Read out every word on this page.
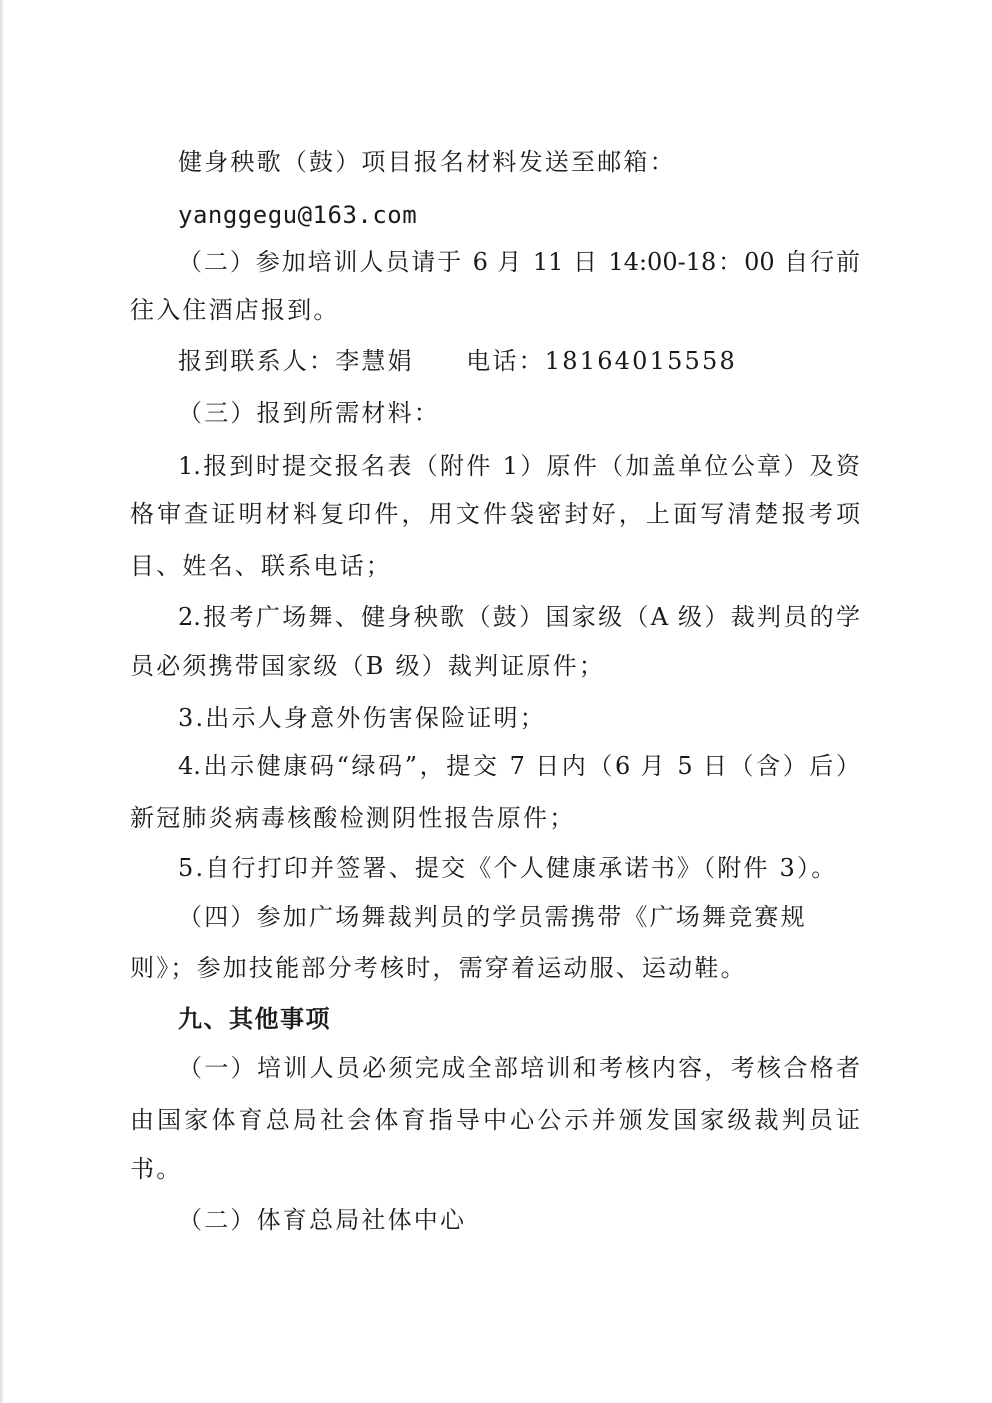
健身秧歌（鼓）项目报名材料发送至邮箱：
yanggegu@163.com
（二）参加培训人员请于 6 月 11 日 14:00-18：00 自行前
往入住酒店报到。
报到联系人：李慧娟　　电话：18164015558
（三）报到所需材料：
1.报到时提交报名表（附件 1）原件（加盖单位公章）及资
格审查证明材料复印件，用文件袋密封好，上面写清楚报考项
目、姓名、联系电话；
2.报考广场舞、健身秧歌（鼓）国家级（A 级）裁判员的学
员必须携带国家级（B 级）裁判证原件；
3.出示人身意外伤害保险证明；
4.出示健康码“绿码”，提交 7 日内（6 月 5 日（含）后）
新冠肺炎病毒核酸检测阴性报告原件；
5.自行打印并签署、提交《个人健康承诺书》（附件 3）。
（四）参加广场舞裁判员的学员需携带《广场舞竞赛规
则》；参加技能部分考核时，需穿着运动服、运动鞋。
九、其他事项
（一）培训人员必须完成全部培训和考核内容，考核合格者
由国家体育总局社会体育指导中心公示并颁发国家级裁判员证
书。
（二）体育总局社体中心
